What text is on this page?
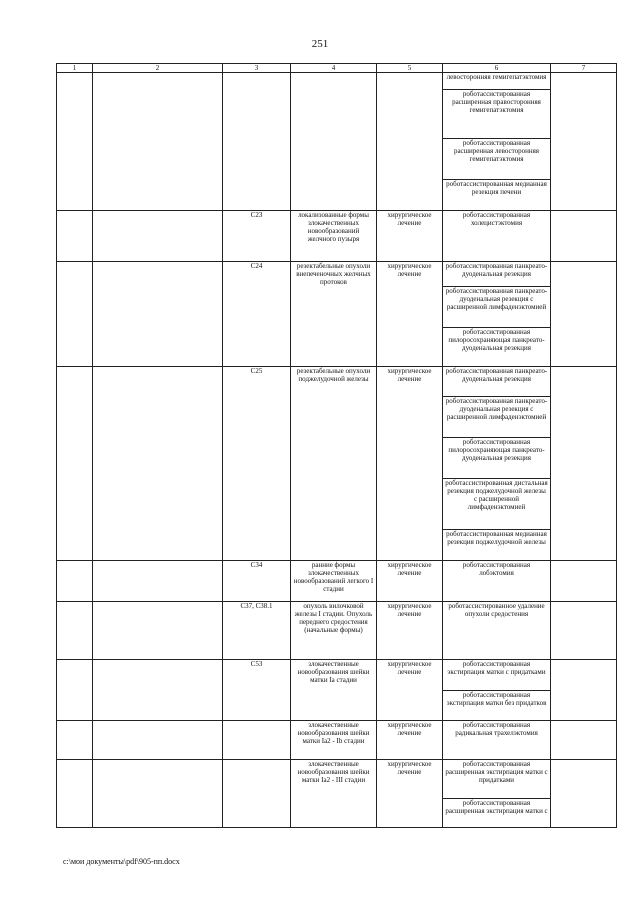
251
1	2	3	4	5	6	7

					левосторонняя гемигепатэктомия
роботассистированная расширенная правосторонняя гемигепатэктомия
роботассистированная расширенная левосторонняя гемигепатэктомия
роботассистированная медианная резекция печени	

		C23	локализованные формы злокачественных новообразований желчного пузыря	хирургическое лечение	роботассистированная холецистэктомия	
		C24	резектабельные опухоли внепеченочных желчных протоков	хирургическое лечение	роботассистированная панкреато-дуоденальная резекция
роботассистированная панкреато-дуоденальная резекция с расширенной лимфаденэктомией
роботассистированная пилоросохраняющая панкреато-дуоденальная резекция	

		C25	резектабельные опухоли поджелудочной железы	хирургическое лечение	роботассистированная панкреато-дуоденальная резекция
роботассистированная панкреато-дуоденальная резекция с расширенной лимфаденэктомией
роботассистированная пилоросохраняющая панкреато-дуоденальная резекция
роботассистированная дистальная резекция поджелудочной железы с расширенной лимфаденэктомией
роботассистированная медианная резекция поджелудочной железы	

		C34	ранние формы злокачественных новообразований легкого I стадии	хирургическое лечение	роботассистированная лобэктомия	
		C37, C38.1	опухоль вилочковой железы I стадии. Опухоль переднего средостения (начальные формы)	хирургическое лечение	роботассистированное удаление опухоли средостения	
		C53	злокачественные новообразования шейки матки Ia стадии	хирургическое лечение	роботассистированная экстирпация матки с придатками
роботассистированная экстирпация матки без придатков	

			злокачественные новообразования шейки матки Ia2 - Ib стадии	хирургическое лечение	роботассистированная радикальная трахелэктомия	
			злокачественные новообразования шейки матки Ia2 - III стадии	хирургическое лечение	роботассистированная расширенная экстирпация матки с придатками
роботассистированная расширенная экстирпация матки с	

c:\мои документы\pdf\905-пп.docx
